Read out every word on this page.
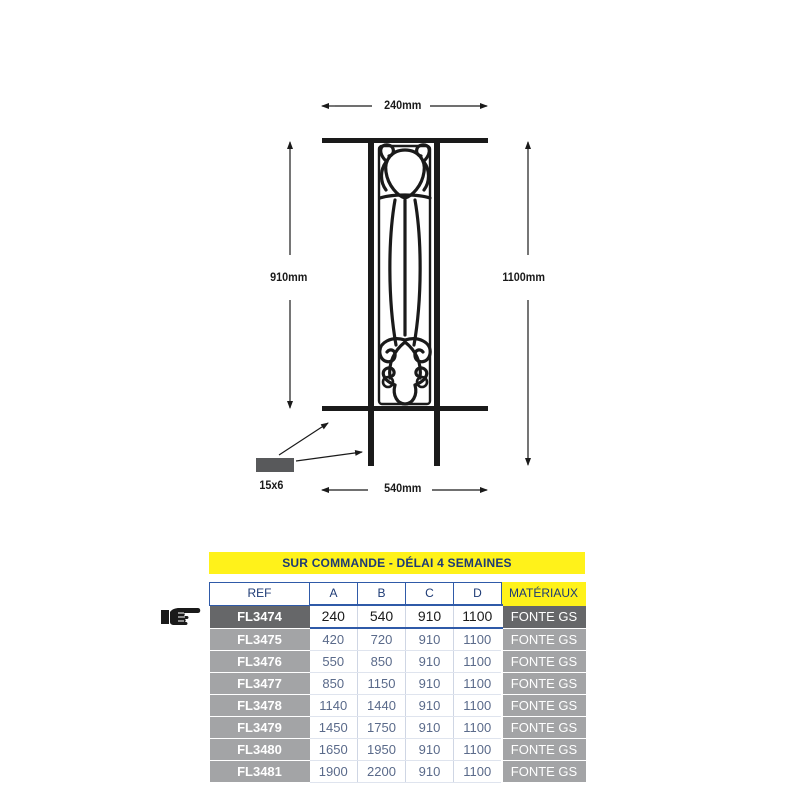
240mm
910mm	1100mm
540mm
15x6
SUR COMMANDE - DÉLAI 4 SEMAINES
REF	A	B	C	D	MATÉRIAUX
FL3474	240	540	910	1100	FONTE GS
FL3475	420	720	910	1100	FONTE GS
FL3476	550	850	910	1100	FONTE GS
FL3477	850	1150	910	1100	FONTE GS
FL3478	1140	1440	910	1100	FONTE GS
FL3479	1450	1750	910	1100	FONTE GS
FL3480	1650	1950	910	1100	FONTE GS
FL3481	1900	2200	910	1100	FONTE GS
